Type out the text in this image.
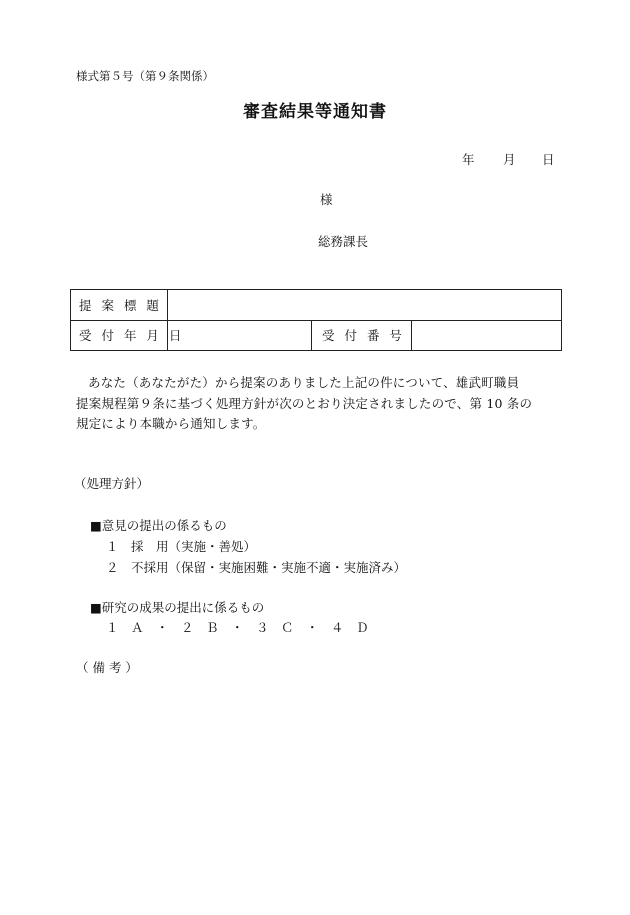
様式第５号（第９条関係）
審査結果等通知書
年 月 日
様
総務課長
提 案 標 題			
受 付 年 月 日		受 付 番 号	
あなた（あなたがた）から提案のありました上記の件について、雄武町職員
提案規程第９条に基づく処理方針が次のとおり決定されましたので、第 10 条の
規定により本職から通知します。
（処理方針）
■意見の提出の係るもの
１　採　用（実施・善処）
２　不採用（保留・実施困難・実施不適・実施済み）
■研究の成果の提出に係るもの
１　Ａ　・　２　Ｂ　・　３　Ｃ　・　４　Ｄ
（ 備 考 ）
